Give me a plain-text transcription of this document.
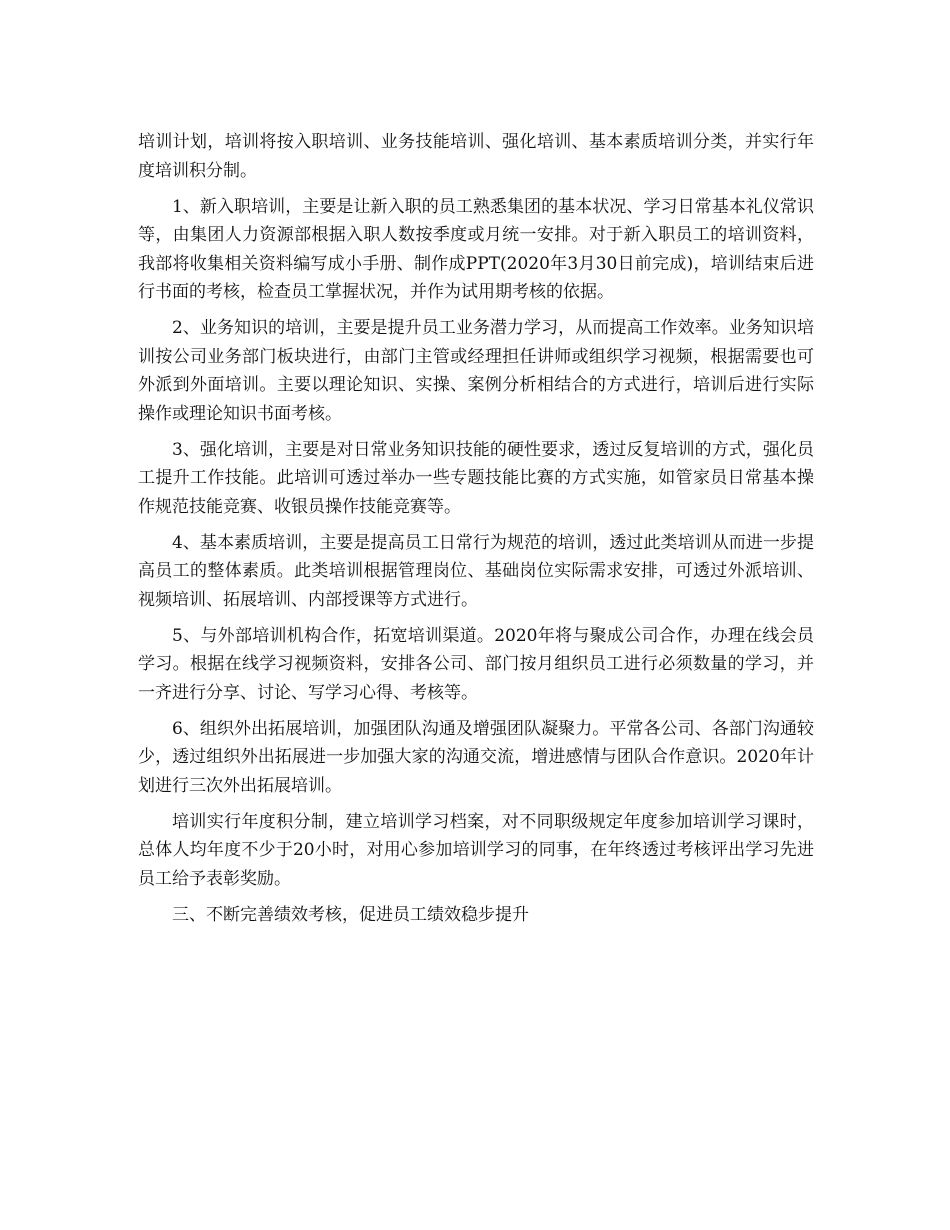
培训计划，培训将按入职培训、业务技能培训、强化培训、基本素质培训分类，并实行年度培训积分制。

1、新入职培训，主要是让新入职的员工熟悉集团的基本状况、学习日常基本礼仪常识等，由集团人力资源部根据入职人数按季度或月统一安排。对于新入职员工的培训资料，我部将收集相关资料编写成小手册、制作成PPT(2020年3月30日前完成)，培训结束后进行书面的考核，检查员工掌握状况，并作为试用期考核的依据。

2、业务知识的培训，主要是提升员工业务潜力学习，从而提高工作效率。业务知识培训按公司业务部门板块进行，由部门主管或经理担任讲师或组织学习视频，根据需要也可外派到外面培训。主要以理论知识、实操、案例分析相结合的方式进行，培训后进行实际操作或理论知识书面考核。

3、强化培训，主要是对日常业务知识技能的硬性要求，透过反复培训的方式，强化员工提升工作技能。此培训可透过举办一些专题技能比赛的方式实施，如管家员日常基本操作规范技能竞赛、收银员操作技能竞赛等。

4、基本素质培训，主要是提高员工日常行为规范的培训，透过此类培训从而进一步提高员工的整体素质。此类培训根据管理岗位、基础岗位实际需求安排，可透过外派培训、视频培训、拓展培训、内部授课等方式进行。

5、与外部培训机构合作，拓宽培训渠道。2020年将与聚成公司合作，办理在线会员学习。根据在线学习视频资料，安排各公司、部门按月组织员工进行必须数量的学习，并一齐进行分享、讨论、写学习心得、考核等。

6、组织外出拓展培训，加强团队沟通及增强团队凝聚力。平常各公司、各部门沟通较少，透过组织外出拓展进一步加强大家的沟通交流，增进感情与团队合作意识。2020年计划进行三次外出拓展培训。

培训实行年度积分制，建立培训学习档案，对不同职级规定年度参加培训学习课时，总体人均年度不少于20小时，对用心参加培训学习的同事，在年终透过考核评出学习先进员工给予表彰奖励。

三、不断完善绩效考核，促进员工绩效稳步提升
